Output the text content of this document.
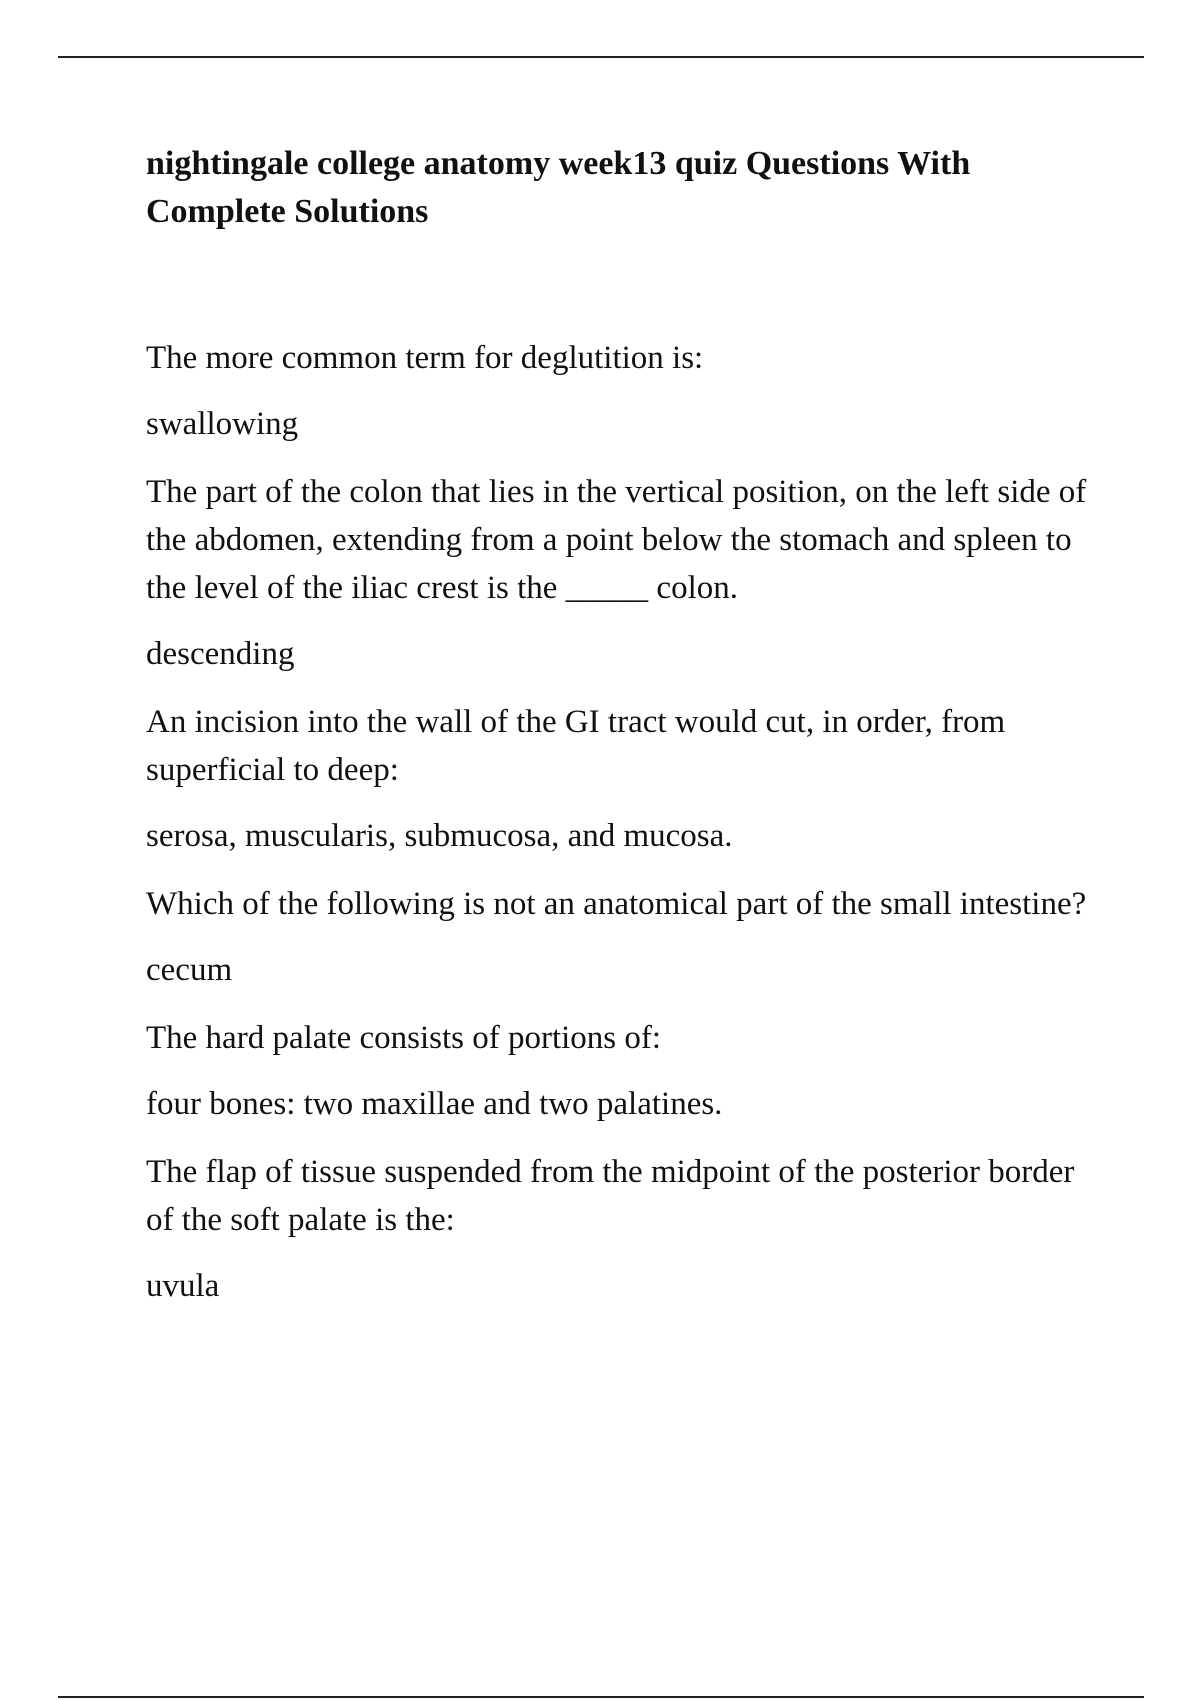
nightingale college anatomy week13 quiz Questions With Complete Solutions

The more common term for deglutition is:

swallowing

The part of the colon that lies in the vertical position, on the left side of the abdomen, extending from a point below the stomach and spleen to the level of the iliac crest is the _____ colon.

descending

An incision into the wall of the GI tract would cut, in order, from superficial to deep:

serosa, muscularis, submucosa, and mucosa.

Which of the following is not an anatomical part of the small intestine?

cecum

The hard palate consists of portions of:

four bones: two maxillae and two palatines.

The flap of tissue suspended from the midpoint of the posterior border of the soft palate is the:

uvula
